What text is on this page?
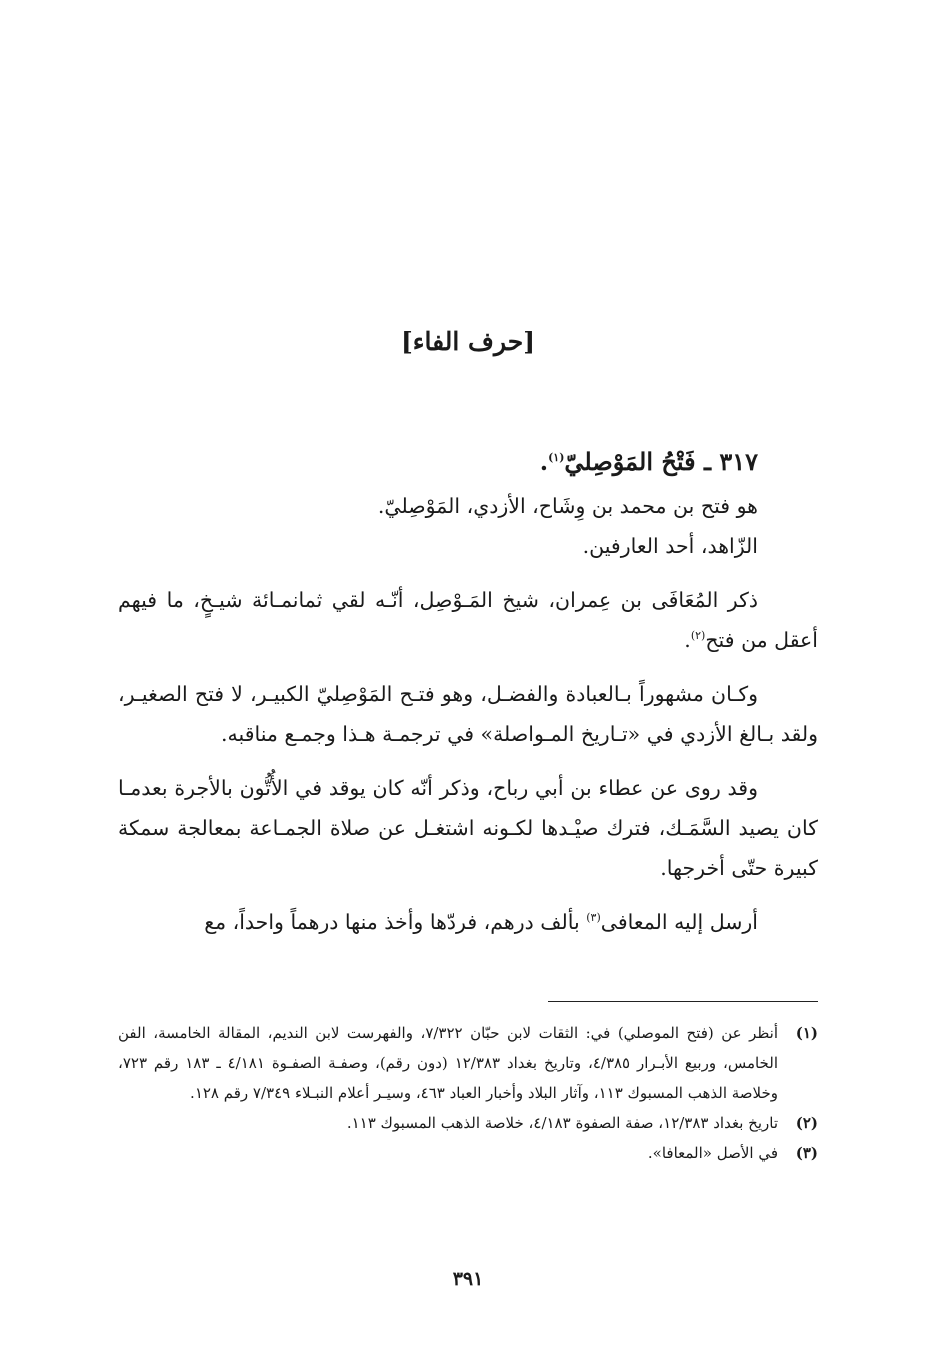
[حرف الفاء]
٣١٧ ـ فَتْحُ المَوْصِليّ$^{(١)}$.

هو فتح بن محمد بن وِشَاح، الأزدي، المَوْصِليّ.

الزّاهد، أحد العارفين.

ذكر المُعَافَى بن عِمران، شيخ المَـوْصِل، أنّـه لقي ثمانمـائة شيـخٍ، ما فيهم أعقل من فتح$^{(٢)}$.

وكـان مشهوراً بـالعبادة والفضـل، وهو فتـح المَوْصِليّ الكبيـر، لا فتح الصغيـر، ولقد بـالغ الأزدي في «تـاريخ المـواصلة» في ترجمـة هـذا وجمـع مناقبه.

وقد روى عن عطاء بن أبي رباح، وذكر أنّه كان يوقد في الأُتُّون بالأجرة بعدمـا كان يصيد السَّمَـك، فترك صيْـدها لكـونه اشتغـل عن صلاة الجمـاعة بمعالجة سمكة كبيرة حتّى أخرجها.

أرسل إليه المعافى$^{(٣)}$ بألف درهم، فردّها وأخذ منها درهماً واحداً، مع

(١)
أنظر عن (فتح الموصلي) في: الثقات لابن حبّان ٧/٣٢٢، والفهرست لابن النديم، المقالة الخامسة، الفن الخامس، وربيع الأبـرار ٤/٣٨٥، وتاريخ بغداد ١٢/٣٨٣ (دون رقم)، وصفـة الصفـوة ٤/١٨١ ـ ١٨٣ رقم ٧٢٣، وخلاصة الذهب المسبوك ١١٣، وآثار البلاد وأخبار العباد ٤٦٣، وسيـر أعلام النبـلاء ٧/٣٤٩ رقم ١٢٨.
(٢)
تاريخ بغداد ١٢/٣٨٣، صفة الصفوة ٤/١٨٣، خلاصة الذهب المسبوك ١١٣.
(٣)
في الأصل «المعافا».
٣٩١
